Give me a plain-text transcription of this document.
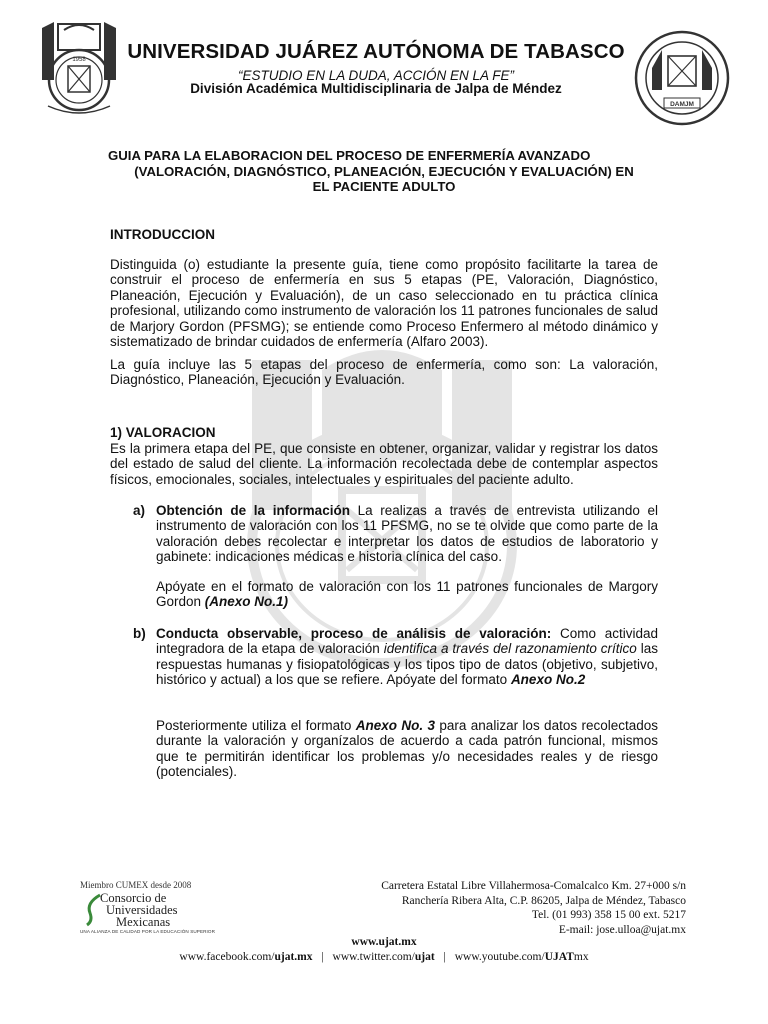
1958 UNIVERSIDAD JUÁREZ AUTÓNOMA DE TABASCO
“ESTUDIO EN LA DUDA, ACCIÓN EN LA FE”
División Académica Multidisciplinaria de Jalpa de Méndez
DAMJM
GUIA PARA LA ELABORACION DEL PROCESO DE ENFERMERÍA AVANZADO
(VALORACIÓN, DIAGNÓSTICO, PLANEACIÓN, EJECUCIÓN Y EVALUACIÓN) EN
EL PACIENTE ADULTO
INTRODUCCION
Distinguida (o) estudiante la presente guía, tiene como propósito facilitarte la tarea de construir el proceso de enfermería en sus 5 etapas (PE, Valoración, Diagnóstico, Planeación, Ejecución y Evaluación), de un caso seleccionado en tu práctica clínica profesional, utilizando como instrumento de valoración los 11 patrones funcionales de salud de Marjory Gordon (PFSMG); se entiende como Proceso Enfermero al método dinámico y sistematizado de brindar cuidados de enfermería (Alfaro 2003).
La guía incluye las 5 etapas del proceso de enfermería, como son: La valoración, Diagnóstico, Planeación, Ejecución y Evaluación.
1) VALORACION
Es la primera etapa del PE, que consiste en obtener, organizar, validar y registrar los datos del estado de salud del cliente. La información recolectada debe de contemplar aspectos físicos, emocionales, sociales, intelectuales y espirituales del paciente adulto.
a) Obtención de la información La realizas a través de entrevista utilizando el instrumento de valoración con los 11 PFSMG, no se te olvide que como parte de la valoración debes recolectar e interpretar los datos de estudios de laboratorio y gabinete: indicaciones médicas e historia clínica del caso.
Apóyate en el formato de valoración con los 11 patrones funcionales de Margory Gordon (Anexo No.1)
b) Conducta observable, proceso de análisis de valoración: Como actividad integradora de la etapa de valoración identifica a través del razonamiento crítico las respuestas humanas y fisiopatológicas y los tipos tipo de datos (objetivo, subjetivo, histórico y actual) a los que se refiere. Apóyate del formato Anexo No.2
Posteriormente utiliza el formato Anexo No. 3 para analizar los datos recolectados durante la valoración y organízalos de acuerdo a cada patrón funcional, mismos que te permitirán identificar los problemas y/o necesidades reales y de riesgo (potenciales).
Miembro CUMEX desde 2008
Consorcio de
Universidades
Mexicanas
UNA ALIANZA DE CALIDAD POR LA EDUCACIÓN SUPERIOR
Carretera Estatal Libre Villahermosa-Comalcalco Km. 27+000 s/n
Ranchería Ribera Alta, C.P. 86205, Jalpa de Méndez, Tabasco
Tel. (01 993) 358 15 00 ext. 5217
E-mail: jose.ulloa@ujat.mx
www.ujat.mx
www.facebook.com/ujat.mx | www.twitter.com/ujat | www.youtube.com/UJATmx
